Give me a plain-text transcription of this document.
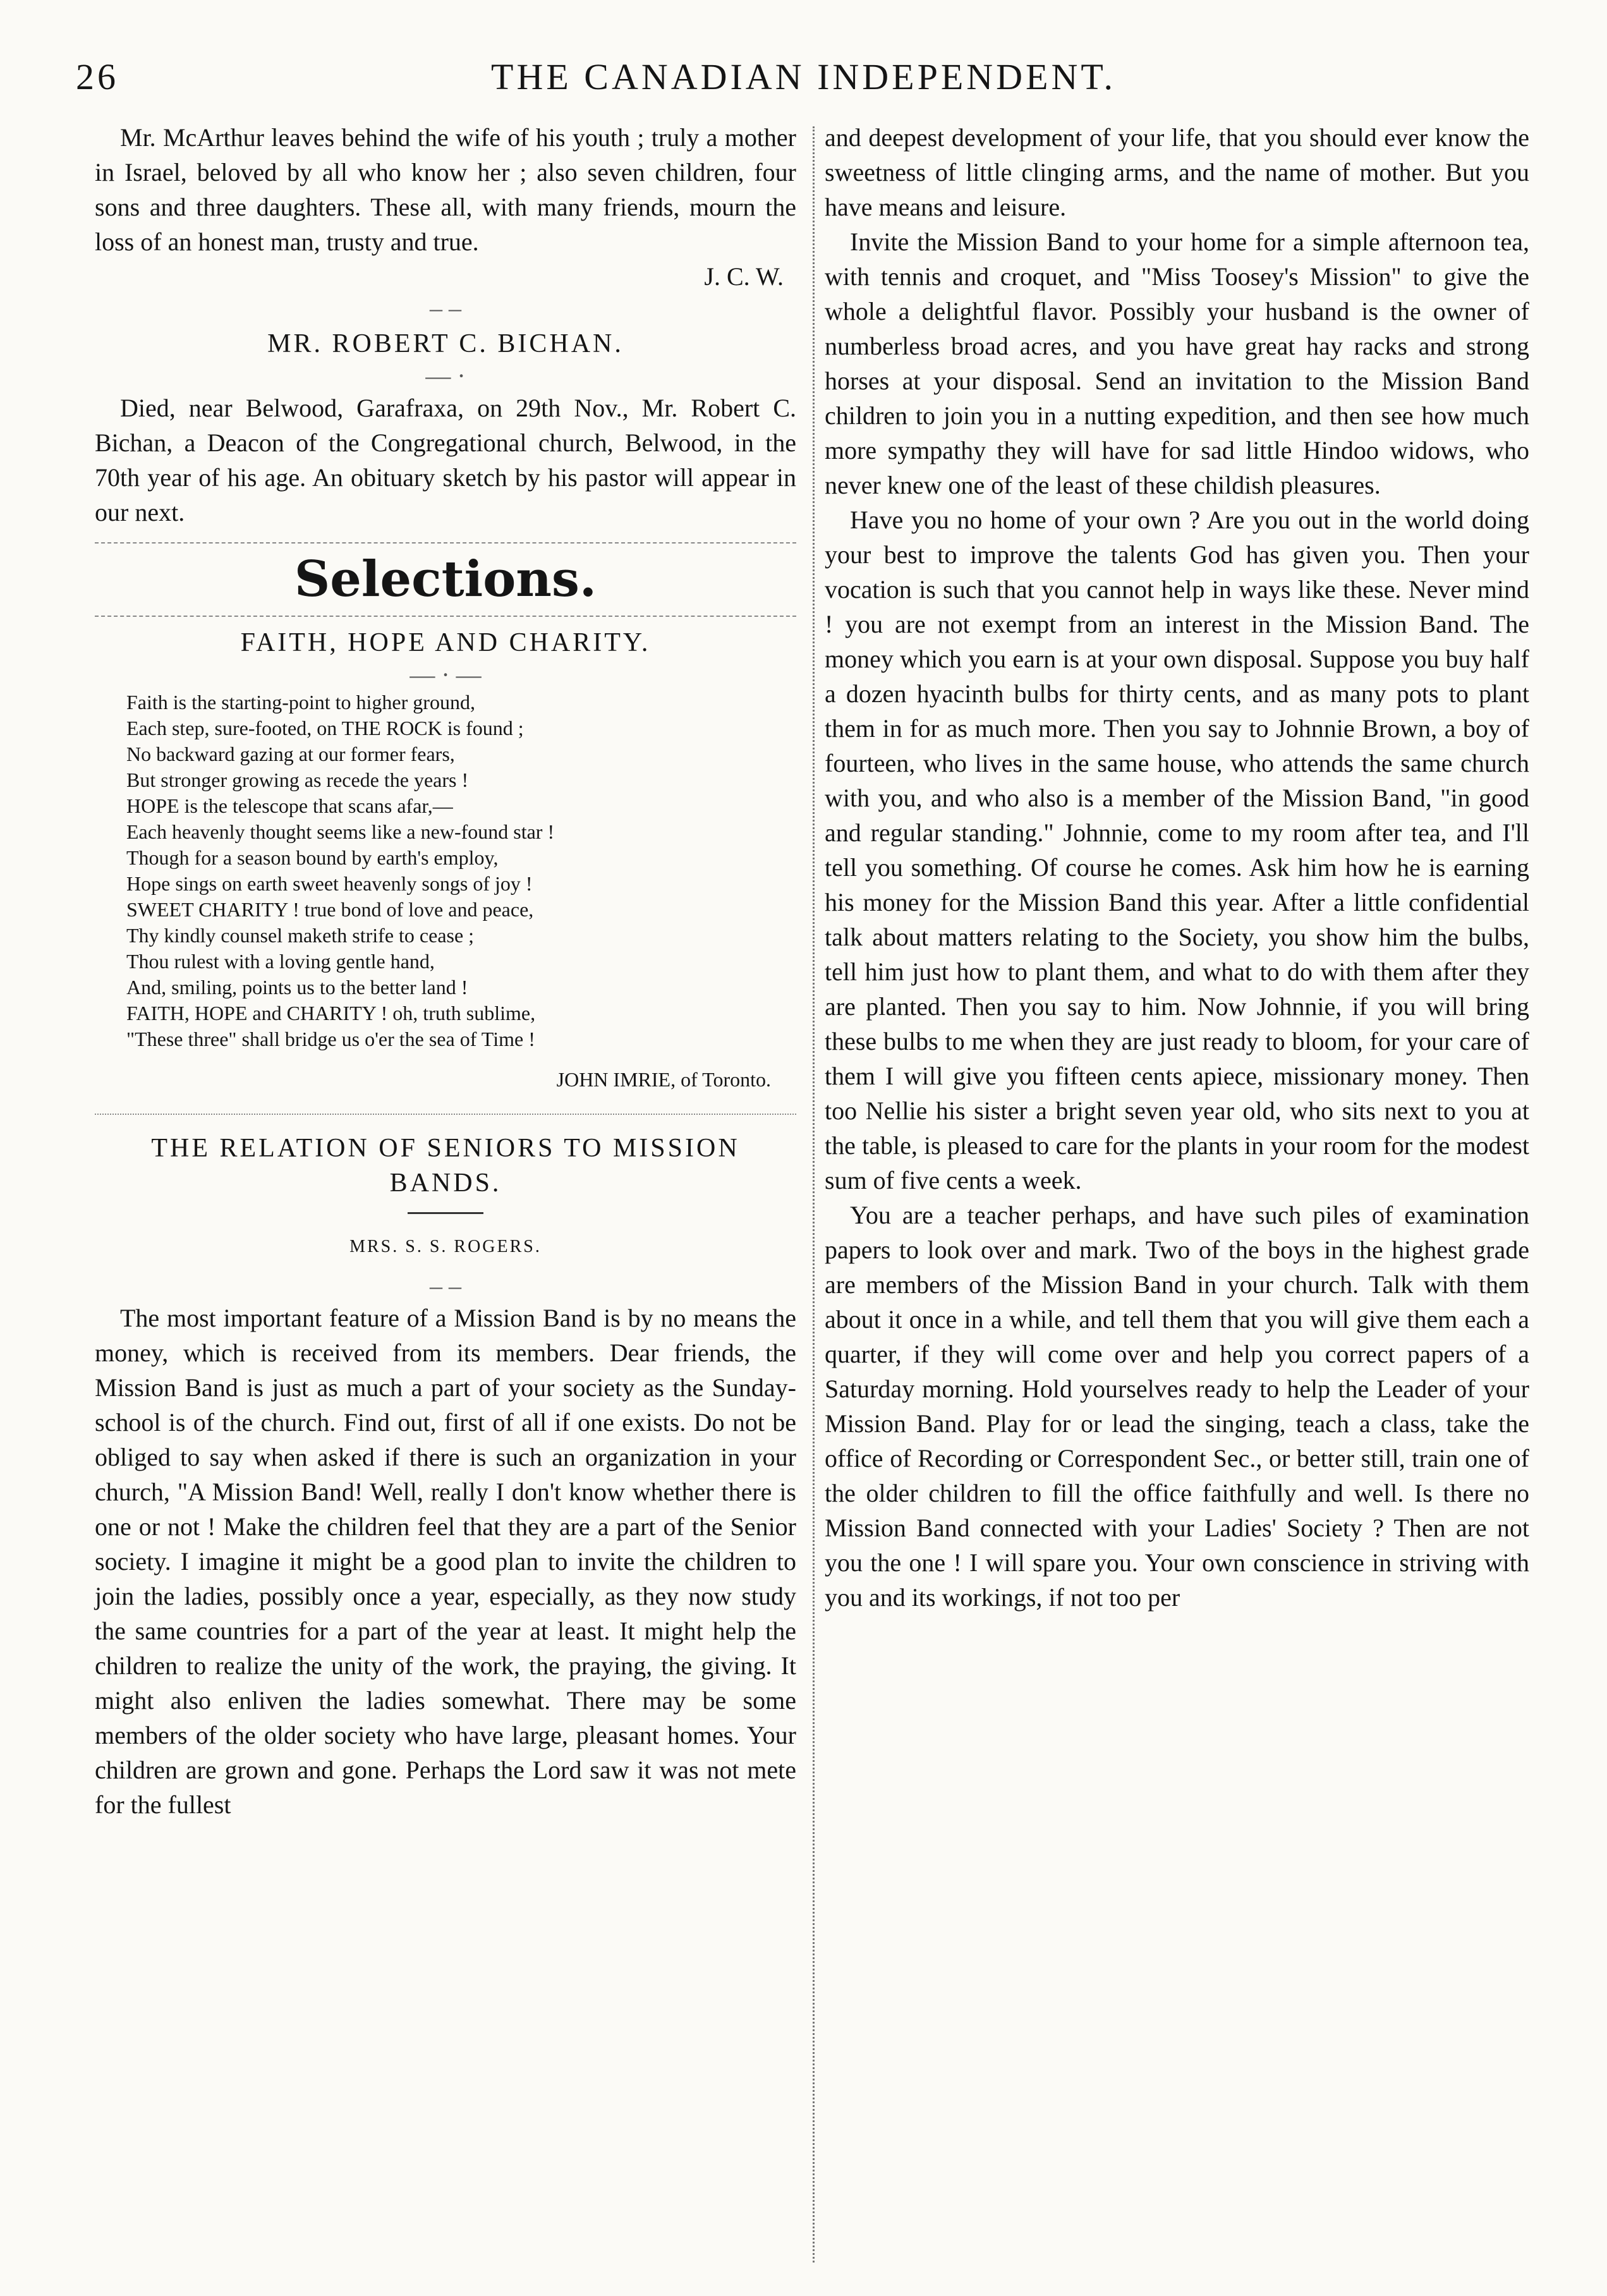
26	THE CANADIAN INDEPENDENT.

Mr. McArthur leaves behind the wife of his youth ; truly a mother in Israel, beloved by all who know her ; also seven children, four sons and three daughters. These all, with many friends, mourn the loss of an honest man, trusty and true.

J. C. W.
– –
MR. ROBERT C. BICHAN.
— ·

Died, near Belwood, Garafraxa, on 29th Nov., Mr. Robert C. Bichan, a Deacon of the Congregational church, Belwood, in the 70th year of his age. An obituary sketch by his pastor will appear in our next.

Selections.
FAITH, HOPE AND CHARITY.
— · —
Faith is the starting-point to higher ground,
Each step, sure-footed, on THE ROCK is found ;
No backward gazing at our former fears,
But stronger growing as recede the years !
HOPE is the telescope that scans afar,—
Each heavenly thought seems like a new-found star !
Though for a season bound by earth's employ,
Hope sings on earth sweet heavenly songs of joy !
SWEET CHARITY ! true bond of love and peace,
Thy kindly counsel maketh strife to cease ;
Thou rulest with a loving gentle hand,
And, smiling, points us to the better land !
FAITH, HOPE and CHARITY ! oh, truth sublime,
"These three" shall bridge us o'er the sea of Time !
JOHN IMRIE, of Toronto.
THE RELATION OF SENIORS TO MISSION BANDS.
MRS. S. S. ROGERS.
– –

The most important feature of a Mission Band is by no means the money, which is received from its members. Dear friends, the Mission Band is just as much a part of your society as the Sunday-school is of the church. Find out, first of all if one exists. Do not be obliged to say when asked if there is such an organization in your church, "A Mission Band! Well, really I don't know whether there is one or not ! Make the children feel that they are a part of the Senior society. I imagine it might be a good plan to invite the children to join the ladies, possibly once a year, especially, as they now study the same countries for a part of the year at least. It might help the children to realize the unity of the work, the praying, the giving. It might also enliven the ladies somewhat. There may be some members of the older society who have large, pleasant homes. Your children are grown and gone. Perhaps the Lord saw it was not mete for the fullest

and deepest development of your life, that you should ever know the sweetness of little clinging arms, and the name of mother. But you have means and leisure.

Invite the Mission Band to your home for a simple afternoon tea, with tennis and croquet, and "Miss Toosey's Mission" to give the whole a delightful flavor. Possibly your husband is the owner of numberless broad acres, and you have great hay racks and strong horses at your disposal. Send an invitation to the Mission Band children to join you in a nutting expedition, and then see how much more sympathy they will have for sad little Hindoo widows, who never knew one of the least of these childish pleasures.

Have you no home of your own ? Are you out in the world doing your best to improve the talents God has given you. Then your vocation is such that you cannot help in ways like these. Never mind ! you are not exempt from an interest in the Mission Band. The money which you earn is at your own disposal. Suppose you buy half a dozen hyacinth bulbs for thirty cents, and as many pots to plant them in for as much more. Then you say to Johnnie Brown, a boy of fourteen, who lives in the same house, who attends the same church with you, and who also is a member of the Mission Band, "in good and regular standing." Johnnie, come to my room after tea, and I'll tell you something. Of course he comes. Ask him how he is earning his money for the Mission Band this year. After a little confidential talk about matters relating to the Society, you show him the bulbs, tell him just how to plant them, and what to do with them after they are planted. Then you say to him. Now Johnnie, if you will bring these bulbs to me when they are just ready to bloom, for your care of them I will give you fifteen cents apiece, missionary money. Then too Nellie his sister a bright seven year old, who sits next to you at the table, is pleased to care for the plants in your room for the modest sum of five cents a week.

You are a teacher perhaps, and have such piles of examination papers to look over and mark. Two of the boys in the highest grade are members of the Mission Band in your church. Talk with them about it once in a while, and tell them that you will give them each a quarter, if they will come over and help you correct papers of a Saturday morning. Hold yourselves ready to help the Leader of your Mission Band. Play for or lead the singing, teach a class, take the office of Recording or Correspondent Sec., or better still, train one of the older children to fill the office faithfully and well. Is there no Mission Band connected with your Ladies' Society ? Then are not you the one ! I will spare you. Your own conscience in striving with you and its workings, if not too per
